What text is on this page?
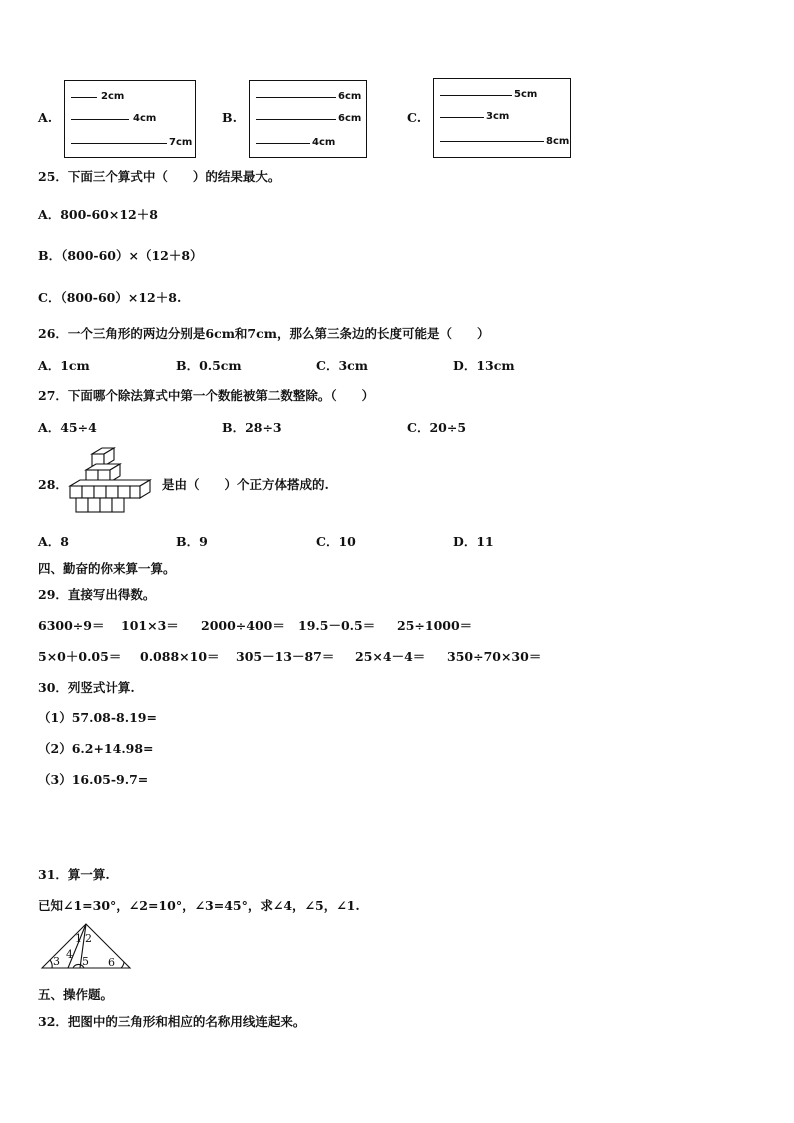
A.
2cm
4cm
7cm
B.
6cm
6cm
4cm
C.
5cm
3cm
8cm
25．下面三个算式中（　　）的结果最大。
A．800-60×12＋8
B．（800-60）×（12＋8）
C．（800-60）×12＋8.
26．一个三角形的两边分别是6cm和7cm，那么第三条边的长度可能是（　　）
A．1cm	B．0.5cm	C．3cm	D．13cm
27．下面哪个除法算式中第一个数能被第二数整除。（　　）
A．45÷4	B．28÷3	C．20÷5
28．	是由（　　）个正方体搭成的.
A．8	B．9	C．10	D．11
四、勤奋的你来算一算。
29．直接写出得数。
6300÷9＝ 101×3＝ 2000÷400＝ 19.5－0.5＝ 25÷1000＝
5×0＋0.05＝ 0.088×10＝ 305－13－87＝ 25×4－4＝ 350÷70×30＝
30．列竖式计算.
（1）57.08-8.19=
（2）6.2+14.98=
（3）16.05-9.7=
31．算一算.
已知∠1=30°，∠2=10°，∠3=45°，求∠4，∠5，∠1.
1 2
3
4
5 6
五、操作题。
32．把图中的三角形和相应的名称用线连起来。
